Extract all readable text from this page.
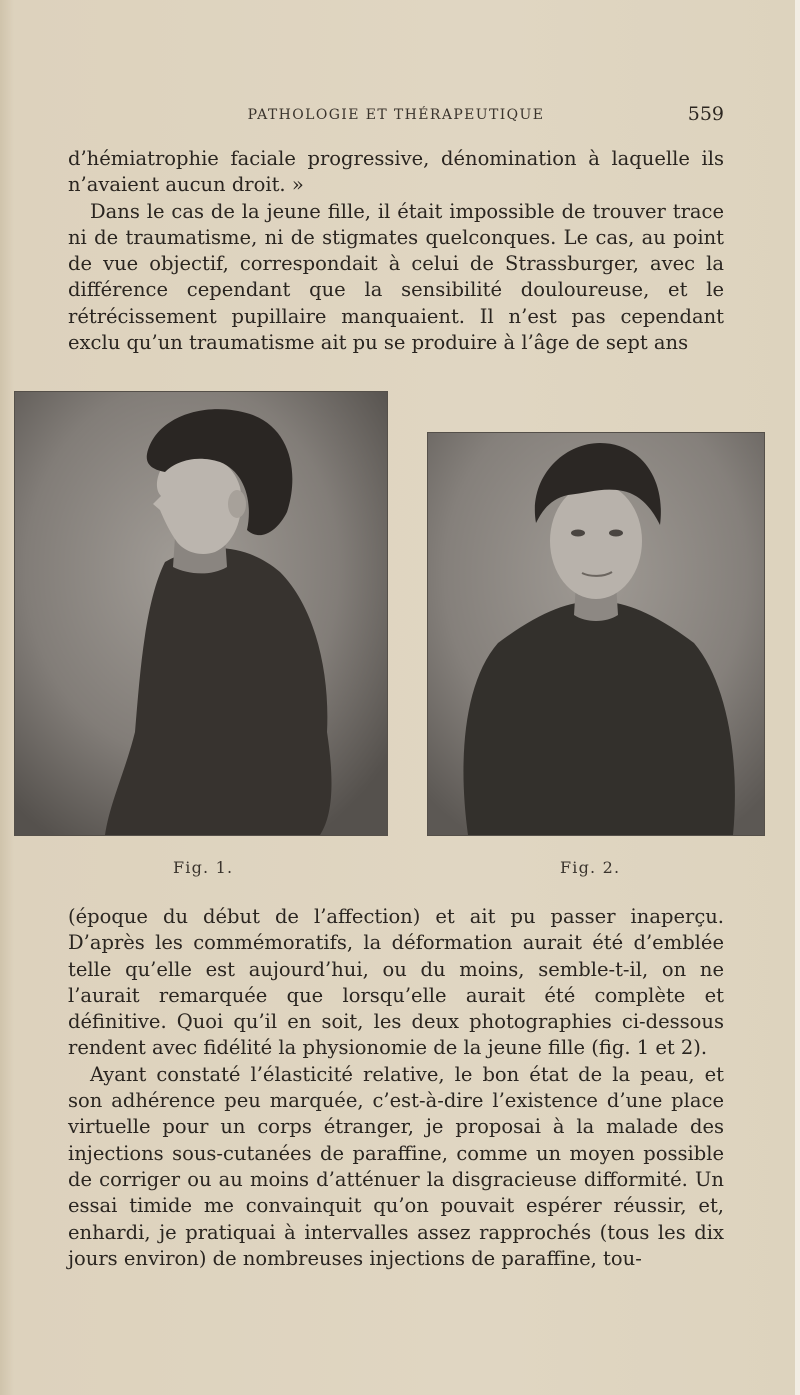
PATHOLOGIE ET THÉRAPEUTIQUE	559

d’hémiatrophie faciale progressive, dénomination à laquelle ils n’avaient aucun droit. »

Dans le cas de la jeune fille, il était impossible de trouver trace ni de traumatisme, ni de stigmates quelconques. Le cas, au point de vue objectif, correspondait à celui de Strassburger, avec la différence cependant que la sensibilité douloureuse, et le rétrécissement pupillaire manquaient. Il n’est pas cependant exclu qu’un traumatisme ait pu se produire à l’âge de sept ans

Fig. 1.	Fig. 2.

(époque du début de l’affection) et ait pu passer inaperçu. D’après les commémoratifs, la déformation aurait été d’emblée telle qu’elle est aujourd’hui, ou du moins, semble-t-il, on ne l’aurait remarquée que lorsqu’elle aurait été complète et définitive. Quoi qu’il en soit, les deux photographies ci-dessous rendent avec fidélité la physionomie de la jeune fille (fig. 1 et 2).

Ayant constaté l’élasticité relative, le bon état de la peau, et son adhérence peu marquée, c’est-à-dire l’existence d’une place virtuelle pour un corps étranger, je proposai à la malade des injections sous-cutanées de paraffine, comme un moyen possible de corriger ou au moins d’atténuer la disgracieuse difformité. Un essai timide me convainquit qu’on pouvait espérer réussir, et, enhardi, je pratiquai à intervalles assez rapprochés (tous les dix jours environ) de nombreuses injections de paraffine, tou-
